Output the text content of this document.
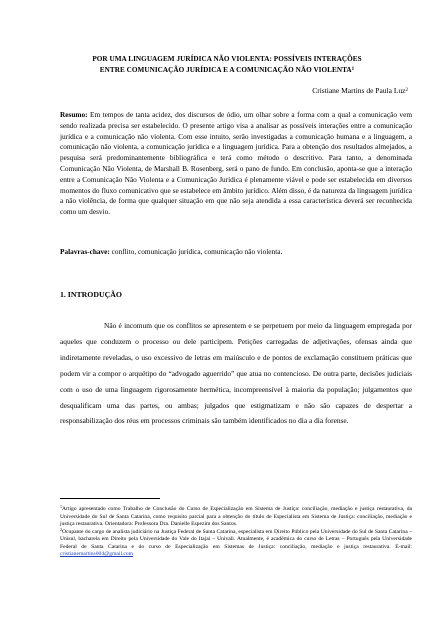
POR UMA LINGUAGEM JURÍDICA NÃO VIOLENTA: POSSÍVEIS INTERAÇÕES
ENTRE COMUNICAÇÃO JURÍDICA E A COMUNICAÇÃO NÃO VIOLENTA$^1$
Cristiane Martins de Paula Luz$^2$
Resumo: Em tempos de tanta acidez, dos discursos de ódio, um olhar sobre a forma com a qual a comunicação vem sendo realizada precisa ser estabelecido. O presente artigo visa a analisar as possíveis interações entre a comunicação jurídica e a comunicação não violenta. Com esse intuito, serão investigadas a comunicação humana e a linguagem, a comunicação não violenta, a comunicação jurídica e a linguagem jurídica. Para a obtenção dos resultados almejados, a pesquisa será predominantemente bibliográfica e terá como método o descritivo. Para tanto, a denominada Comunicação Não Violenta, de Marshall B. Rosenberg, será o pano de fundo. Em conclusão, aponta-se que a interação entre a Comunicação Não Violenta e a Comunicação Jurídica é plenamente viável e pode ser estabelecida em diversos momentos do fluxo comunicativo que se estabelece em âmbito jurídico. Além disso, é da natureza da linguagem jurídica a não violência, de forma que qualquer situação em que não seja atendida a essa característica deverá ser reconhecida como um desvio.
Palavras-chave: conflito, comunicação jurídica, comunicação não violenta.
1. INTRODUÇÃO
Não é incomum que os conflitos se apresentem e se perpetuem por meio da linguagem empregada por aqueles que conduzem o processo ou dele participem. Petições carregadas de adjetivações, ofensas ainda que indiretamente reveladas, o uso excessivo de letras em maiúsculo e de pontos de exclamação constituem práticas que podem vir a compor o arquétipo do “advogado aguerrido” que atua no contencioso. De outra parte, decisões judiciais com o uso de uma linguagem rigorosamente hermética, incompreensível à maioria da população; julgamentos que desqualificam uma das partes, ou ambas; julgados que estigmatizam e não são capazes de despertar a responsabilização dos réus em processos criminais são também identificados no dia a dia forense.

$^1$Artigo apresentado como Trabalho de Conclusão do Curso de Especialização em Sistema de Justiça: conciliação, mediação e justiça restaurativa, da Universidade do Sul de Santa Catarina, como requisito parcial para a obtenção do título de Especialista em Sistema de Justiça: conciliação, mediação e justiça restaurativa. Orientadora: Professora Dra. Danielle Espezim dos Santos.

$^2$Ocupante do cargo de analista judiciário na Justiça Federal de Santa Catarina, especialista em Direito Público pela Universidade do Sul de Santa Catarina – Unisul, bacharela em Direito pela Universidade do Vale do Itajaí – Univali. Atualmente, é acadêmica do curso de Letras – Português pela Universidade Federal de Santa Catarina e do curso de Especialização em Sistemas de Justiça: conciliação, mediação e justiça restaurativa. E-mail: cristianemartins004@gmail.com
